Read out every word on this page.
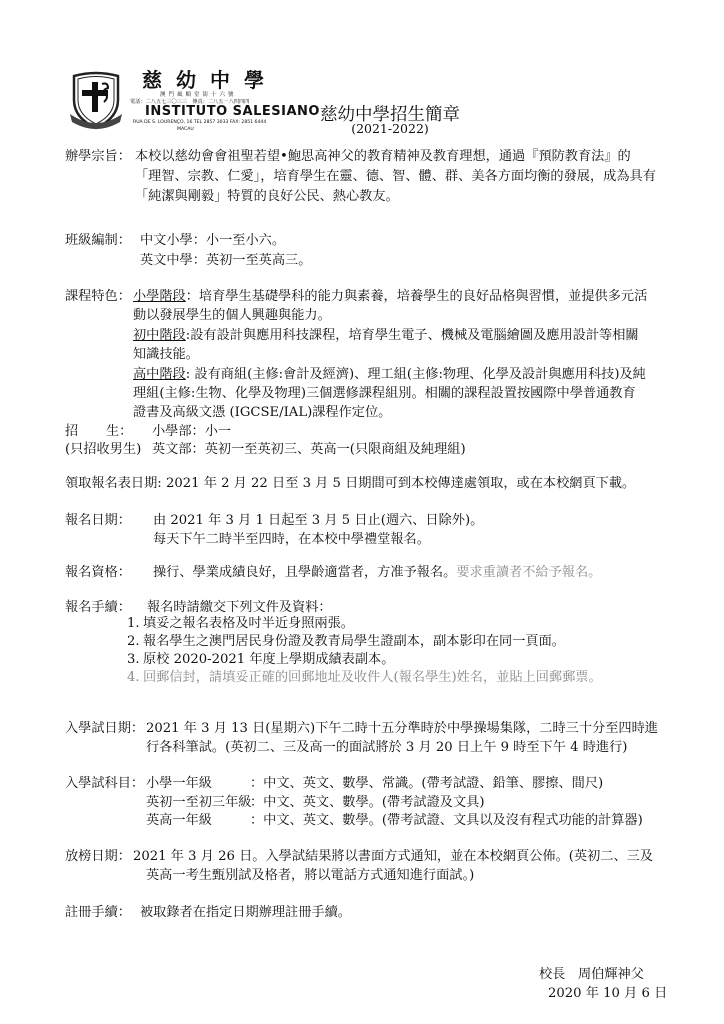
慈幼中學
澳門風順堂街十六號
電話：二八五七三〇三三　傳真：二八五一八四四四
INSTITUTO SALESIANO
RUA DE S. LOURENÇO, 16 TEL 2857 3033 FAX: 2851 6444
MACAU
慈幼中學招生簡章
(2021-2022)
辦學宗旨： 本校以慈幼會會祖聖若望•鮑思高神父的教育精神及教育理想，通過『預防教育法』的
「理智、宗教、仁愛」，培育學生在靈、德、智、體、群、美各方面均衡的發展，成為具有
「純潔與剛毅」特質的良好公民、熱心教友。
班級編制： 中文小學：小一至小六。
英文中學：英初一至英高三。
課程特色： 小學階段：培育學生基礎學科的能力與素養，培養學生的良好品格與習慣，並提供多元活
動以發展學生的個人興趣與能力。
初中階段:設有設計與應用科技課程，培育學生電子、機械及電腦繪圖及應用設計等相關
知識技能。
高中階段: 設有商組(主修:會計及經濟)、理工組(主修:物理、化學及設計與應用科技)及純
理組(主修:生物、化學及物理)三個選修課程組別。相關的課程設置按國際中學普通教育
證書及高級文憑 (IGCSE/IAL)課程作定位。
招 生： 小學部：小一
(只招收男生) 英文部：英初一至英初三、英高一(只限商組及純理組)
領取報名表日期: 2021 年 2 月 22 日至 3 月 5 日期間可到本校傳達處領取，或在本校網頁下載。
報名日期： 由 2021 年 3 月 1 日起至 3 月 5 日止(週六、日除外)。
每天下午二時半至四時，在本校中學禮堂報名。
報名資格： 操行、學業成績良好，且學齡適當者，方准予報名。要求重讀者不給予報名。
報名手續： 報名時請繳交下列文件及資料：
1. 填妥之報名表格及吋半近身照兩張。
2. 報名學生之澳門居民身份證及教青局學生證副本，副本影印在同一頁面。
3. 原校 2020-2021 年度上學期成績表副本。
4. 回郵信封，請填妥正確的回郵地址及收件人(報名學生)姓名，並貼上回郵郵票。
入學試日期： 2021 年 3 月 13 日(星期六)下午二時十五分準時於中學操場集隊，二時三十分至四時進
行各科筆試。(英初二、三及高一的面試將於 3 月 20 日上午 9 時至下午 4 時進行)
入學試科目： 小學一年級	：中文、英文、數學、常識。(帶考試證、鉛筆、膠擦、間尺)
英初一至初三年級
：中文、英文、數學。(帶考試證及文具)
英高一年級	：中文、英文、數學。(帶考試證、文具以及沒有程式功能的計算器)
放榜日期： 2021 年 3 月 26 日。入學試結果將以書面方式通知，並在本校網頁公佈。(英初二、三及
英高一考生甄別試及格者，將以電話方式通知進行面試。)
註冊手續： 被取錄者在指定日期辦理註冊手續。
校長 周伯輝神父
2020 年 10 月 6 日
